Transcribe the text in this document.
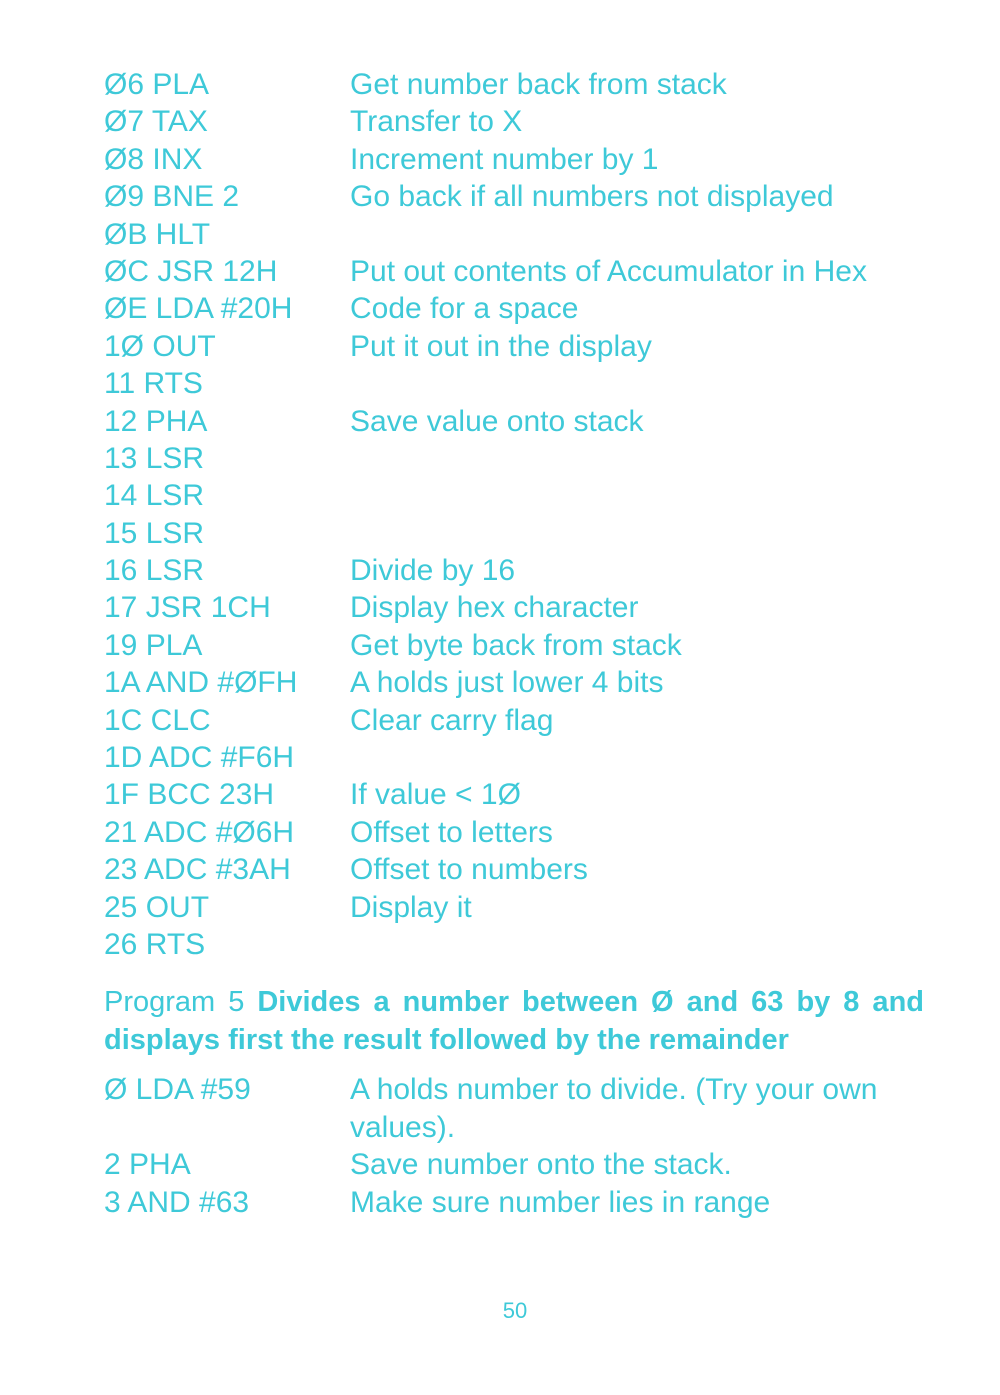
Ø6 PLA	Get number back from stack
Ø7 TAX	Transfer to X
Ø8 INX	Increment number by 1
Ø9 BNE 2	Go back if all numbers not displayed
ØB HLT
ØC JSR 12H	Put out contents of Accumulator in Hex
ØE LDA #20H	Code for a space
1Ø OUT	Put it out in the display
11 RTS
12 PHA	Save value onto stack
13 LSR
14 LSR
15 LSR
16 LSR	Divide by 16
17 JSR 1CH	Display hex character
19 PLA	Get byte back from stack
1A AND #ØFH	A holds just lower 4 bits
1C CLC	Clear carry flag
1D ADC #F6H
1F BCC 23H	If value < 1Ø
21 ADC #Ø6H	Offset to letters
23 ADC #3AH	Offset to numbers
25 OUT	Display it
26 RTS
Program 5 Divides a number between Ø and 63 by 8 and displays first the result followed by the remainder
Ø LDA #59	A holds number to divide. (Try your own values).
2 PHA	Save number onto the stack.
3 AND #63	Make sure number lies in range
50
